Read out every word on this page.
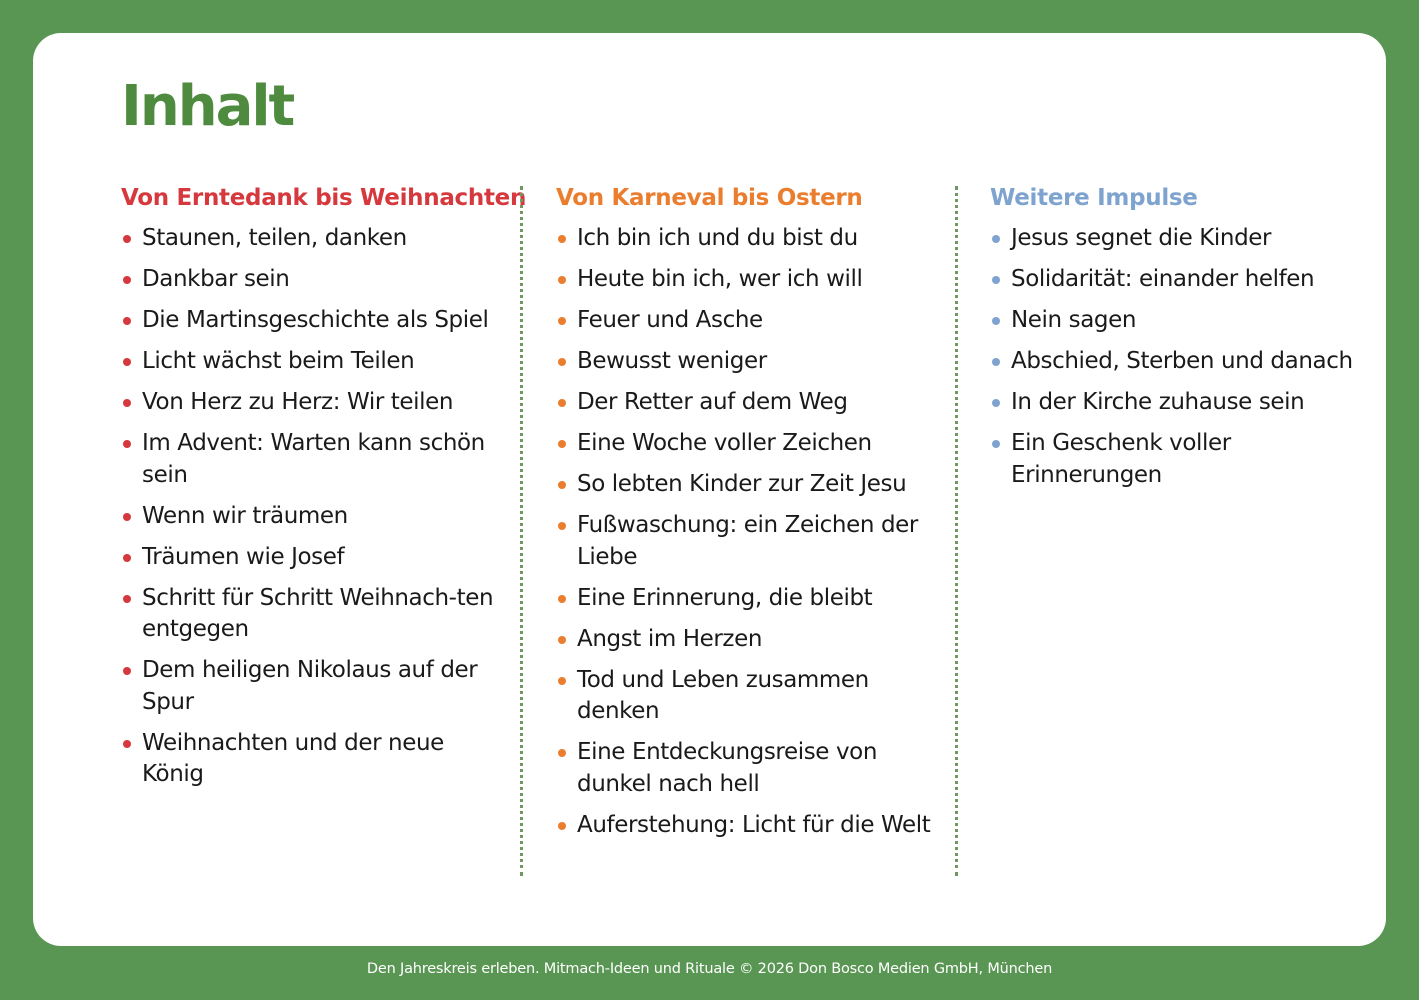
Inhalt
Von Erntedank bis Weihnachten
Staunen, teilen, danken
Dankbar sein
Die Martinsgeschichte als Spiel
Licht wächst beim Teilen
Von Herz zu Herz: Wir teilen
Im Advent: Warten kann schön sein
Wenn wir träumen
Träumen wie Josef
Schritt für Schritt Weihnach-ten entgegen
Dem heiligen Nikolaus auf der Spur
Weihnachten und der neue König
Von Karneval bis Ostern
Ich bin ich und du bist du
Heute bin ich, wer ich will
Feuer und Asche
Bewusst weniger
Der Retter auf dem Weg
Eine Woche voller Zeichen
So lebten Kinder zur Zeit Jesu
Fußwaschung: ein Zeichen der Liebe
Eine Erinnerung, die bleibt
Angst im Herzen
Tod und Leben zusammen denken
Eine Entdeckungsreise von dunkel nach hell
Auferstehung: Licht für die Welt
Weitere Impulse
Jesus segnet die Kinder
Solidarität: einander helfen
Nein sagen
Abschied, Sterben und danach
In der Kirche zuhause sein
Ein Geschenk voller Erinnerungen
Den Jahreskreis erleben. Mitmach-Ideen und Rituale © 2026 Don Bosco Medien GmbH, München
